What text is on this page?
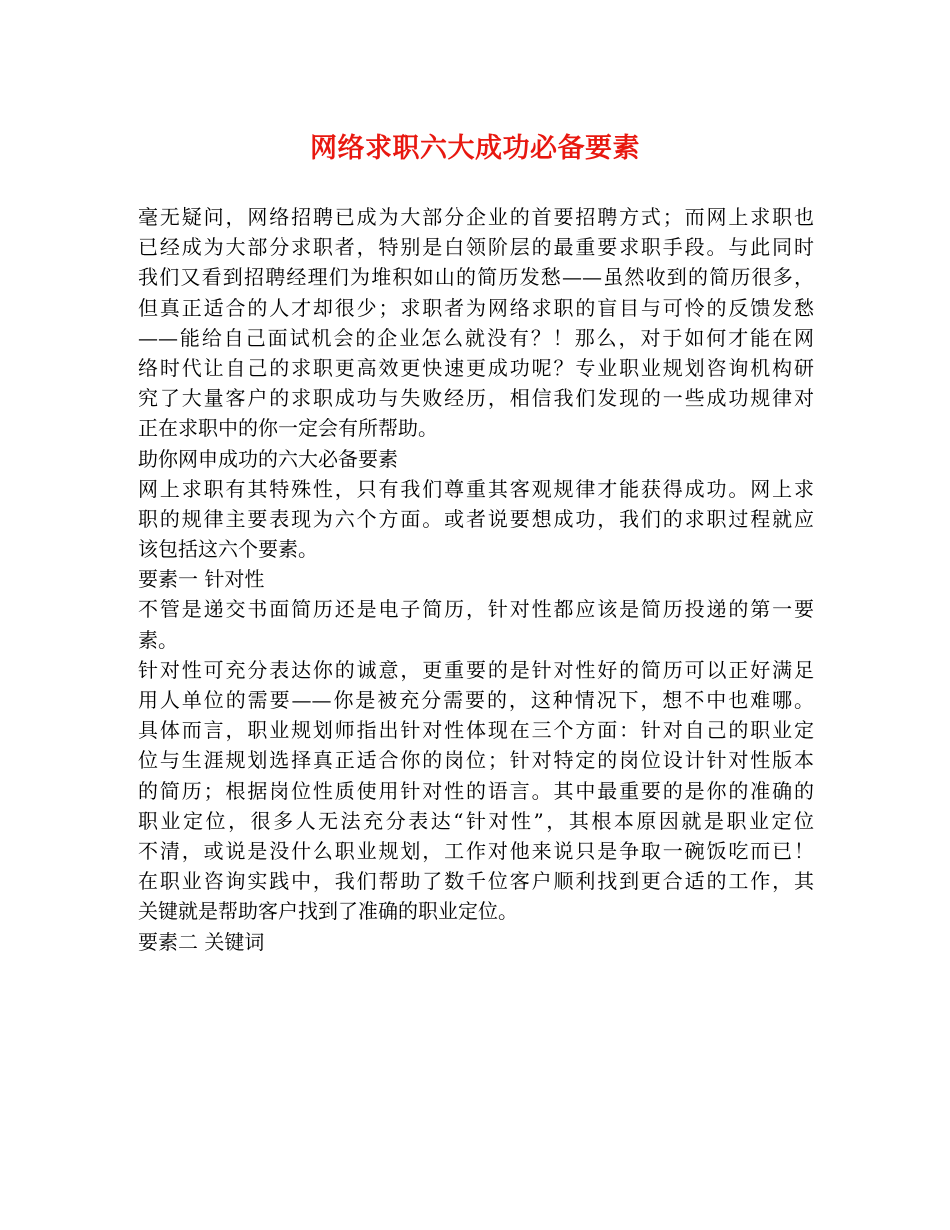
网络求职六大成功必备要素
毫无疑问，网络招聘已成为大部分企业的首要招聘方式；而网上求职也
已经成为大部分求职者，特别是白领阶层的最重要求职手段。与此同时
我们又看到招聘经理们为堆积如山的简历发愁——虽然收到的简历很多，
但真正适合的人才却很少；求职者为网络求职的盲目与可怜的反馈发愁
——能给自己面试机会的企业怎么就没有？！那么，对于如何才能在网
络时代让自己的求职更高效更快速更成功呢？专业职业规划咨询机构研
究了大量客户的求职成功与失败经历，相信我们发现的一些成功规律对
正在求职中的你一定会有所帮助。
助你网申成功的六大必备要素
网上求职有其特殊性，只有我们尊重其客观规律才能获得成功。网上求
职的规律主要表现为六个方面。或者说要想成功，我们的求职过程就应
该包括这六个要素。
要素一 针对性
不管是递交书面简历还是电子简历，针对性都应该是简历投递的第一要
素。
针对性可充分表达你的诚意，更重要的是针对性好的简历可以正好满足
用人单位的需要——你是被充分需要的，这种情况下，想不中也难哪。
具体而言，职业规划师指出针对性体现在三个方面：针对自己的职业定
位与生涯规划选择真正适合你的岗位；针对特定的岗位设计针对性版本
的简历；根据岗位性质使用针对性的语言。其中最重要的是你的准确的
职业定位，很多人无法充分表达“针对性”，其根本原因就是职业定位
不清，或说是没什么职业规划，工作对他来说只是争取一碗饭吃而已！
在职业咨询实践中，我们帮助了数千位客户顺利找到更合适的工作，其
关键就是帮助客户找到了准确的职业定位。
要素二 关键词
